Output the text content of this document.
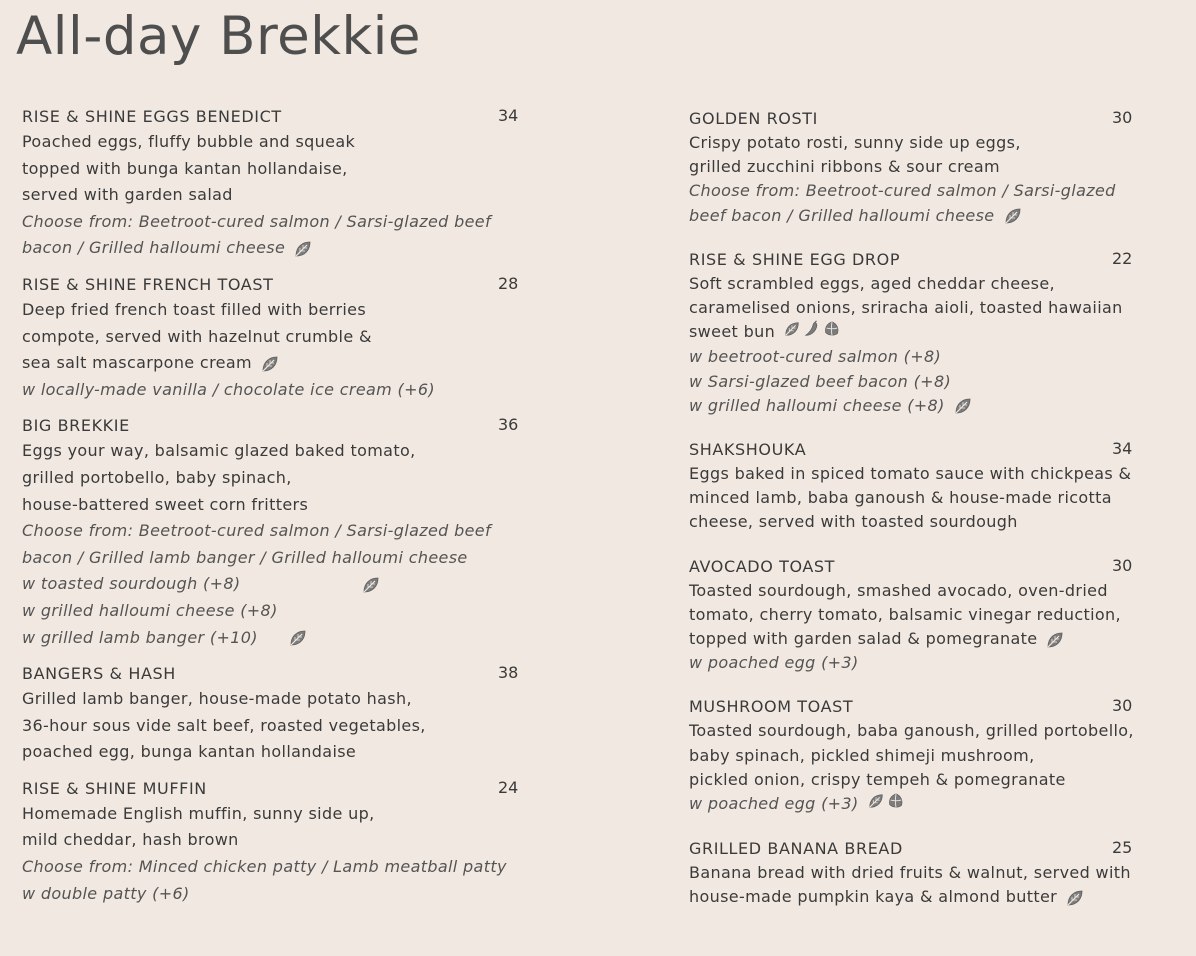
All-day Brekkie
RISE & SHINE EGGS BENEDICT	34
Poached eggs, fluffy bubble and squeak
topped with bunga kantan hollandaise,
served with garden salad
Choose from: Beetroot-cured salmon / Sarsi-glazed beef
bacon / Grilled halloumi cheese
RISE & SHINE FRENCH TOAST	28
Deep fried french toast filled with berries
compote, served with hazelnut crumble &
sea salt mascarpone cream
w locally-made vanilla / chocolate ice cream (+6)
BIG BREKKIE	36
Eggs your way, balsamic glazed baked tomato,
grilled portobello, baby spinach,
house-battered sweet corn fritters
Choose from: Beetroot-cured salmon / Sarsi-glazed beef
bacon / Grilled lamb banger / Grilled halloumi cheese
w toasted sourdough (+8)
w grilled halloumi cheese (+8)
w grilled lamb banger (+10)
BANGERS & HASH	38
Grilled lamb banger, house-made potato hash,
36-hour sous vide salt beef, roasted vegetables,
poached egg, bunga kantan hollandaise
RISE & SHINE MUFFIN	24
Homemade English muffin, sunny side up,
mild cheddar, hash brown
Choose from: Minced chicken patty / Lamb meatball patty
w double patty (+6)
GOLDEN ROSTI	30
Crispy potato rosti, sunny side up eggs,
grilled zucchini ribbons & sour cream
Choose from: Beetroot-cured salmon / Sarsi-glazed
beef bacon / Grilled halloumi cheese
RISE & SHINE EGG DROP	22
Soft scrambled eggs, aged cheddar cheese,
caramelised onions, sriracha aioli, toasted hawaiian
sweet bun
w beetroot-cured salmon (+8)
w Sarsi-glazed beef bacon (+8)
w grilled halloumi cheese (+8)
SHAKSHOUKA	34
Eggs baked in spiced tomato sauce with chickpeas &
minced lamb, baba ganoush & house-made ricotta
cheese, served with toasted sourdough
AVOCADO TOAST	30
Toasted sourdough, smashed avocado, oven-dried
tomato, cherry tomato, balsamic vinegar reduction,
topped with garden salad & pomegranate
w poached egg (+3)
MUSHROOM TOAST	30
Toasted sourdough, baba ganoush, grilled portobello,
baby spinach, pickled shimeji mushroom,
pickled onion, crispy tempeh & pomegranate
w poached egg (+3)
GRILLED BANANA BREAD	25
Banana bread with dried fruits & walnut, served with
house-made pumpkin kaya & almond butter
